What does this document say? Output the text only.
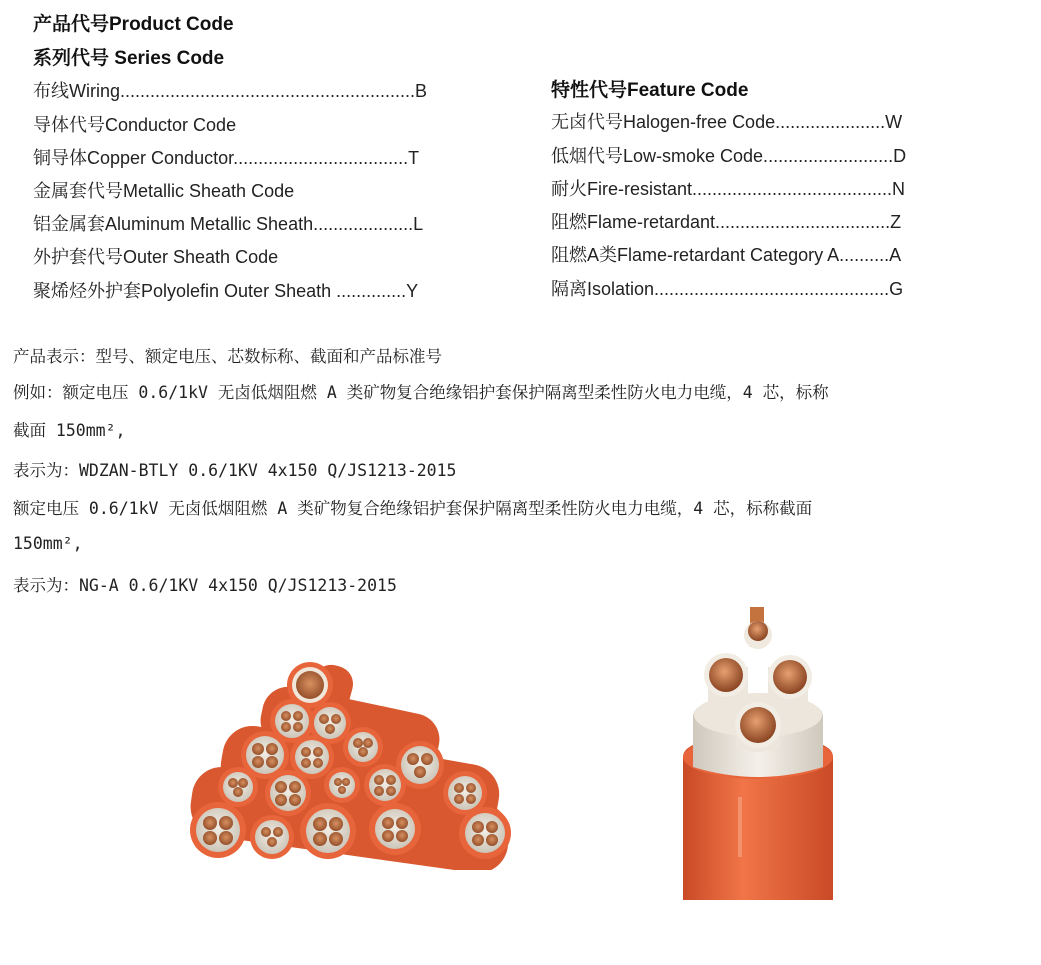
产品代号Product Code
系列代号 Series Code
布线Wiring...........................................................B
导体代号Conductor Code
铜导体Copper Conductor...................................T
金属套代号Metallic Sheath Code
铝金属套Aluminum Metallic Sheath....................L
外护套代号Outer Sheath Code
聚烯烃外护套Polyolefin Outer Sheath ..............Y
特性代号Feature Code
无卤代号Halogen-free Code......................W
低烟代号Low-smoke Code..........................D
耐火Fire-resistant........................................N
阻燃Flame-retardant...................................Z
阻燃A类Flame-retardant Category A..........A
隔离Isolation...............................................G
产品表示：型号、额定电压、芯数标称、截面和产品标准号
例如：额定电压 0.6/1kV 无卤低烟阻燃 A 类矿物复合绝缘铝护套保护隔离型柔性防火电力电缆，4 芯，标称
截面 150mm²,
表示为：WDZAN-BTLY 0.6/1KV 4x150 Q/JS1213-2015
额定电压 0.6/1kV 无卤低烟阻燃 A 类矿物复合绝缘铝护套保护隔离型柔性防火电力电缆，4 芯，标称截面
150mm²,
表示为：NG-A 0.6/1KV 4x150 Q/JS1213-2015
